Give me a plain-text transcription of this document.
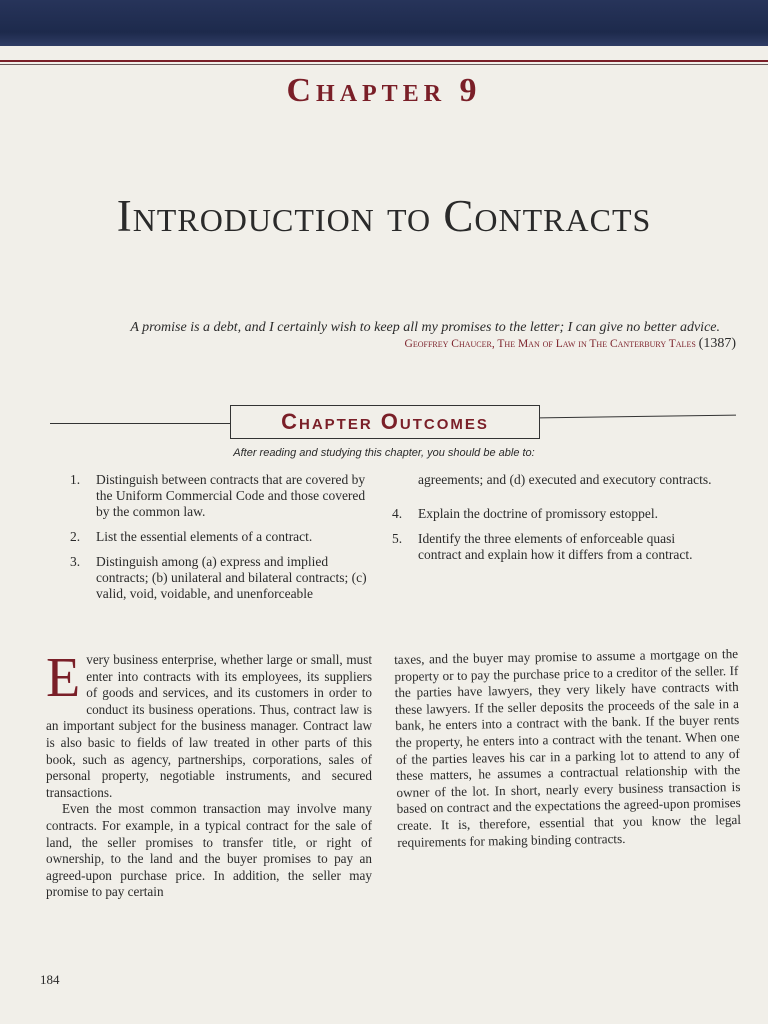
Chapter 9
Introduction to Contracts
A promise is a debt, and I certainly wish to keep all my promises to the letter; I can give no better advice.
Geoffrey Chaucer, The Man of Law in The Canterbury Tales (1387)
Chapter Outcomes
After reading and studying this chapter, you should be able to:
1. Distinguish between contracts that are covered by the Uniform Commercial Code and those covered by the common law.
2. List the essential elements of a contract.
3. Distinguish among (a) express and implied contracts; (b) unilateral and bilateral contracts; (c) valid, void, voidable, and unenforceable
agreements; and (d) executed and executory contracts.
4. Explain the doctrine of promissory estoppel.
5. Identify the three elements of enforceable quasi contract and explain how it differs from a contract.

Every business enterprise, whether large or small, must enter into contracts with its employees, its suppliers of goods and services, and its customers in order to conduct its business operations. Thus, contract law is an important subject for the business manager. Contract law is also basic to fields of law treated in other parts of this book, such as agency, partnerships, corporations, sales of personal property, negotiable instruments, and secured transactions.

Even the most common transaction may involve many contracts. For example, in a typical contract for the sale of land, the seller promises to transfer title, or right of ownership, to the land and the buyer promises to pay an agreed-upon purchase price. In addition, the seller may promise to pay certain

taxes, and the buyer may promise to assume a mortgage on the property or to pay the purchase price to a creditor of the seller. If the parties have lawyers, they very likely have contracts with these lawyers. If the seller deposits the proceeds of the sale in a bank, he enters into a contract with the bank. If the buyer rents the property, he enters into a contract with the tenant. When one of the parties leaves his car in a parking lot to attend to any of these matters, he assumes a contractual relationship with the owner of the lot. In short, nearly every business transaction is based on contract and the expectations the agreed-upon promises create. It is, therefore, essential that you know the legal requirements for making binding contracts.

184
